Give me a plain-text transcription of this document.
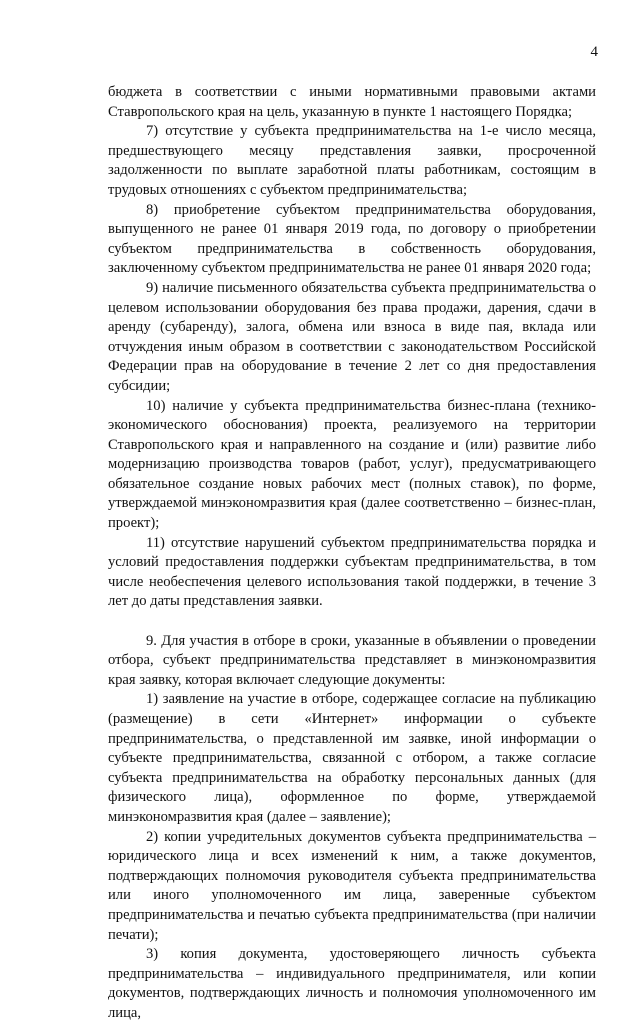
4

бюджета в соответствии с иными нормативными правовыми актами Ставропольского края на цель, указанную в пункте 1 настоящего Порядка;

7) отсутствие у субъекта предпринимательства на 1-е число месяца, предшествующего месяцу представления заявки, просроченной задолженности по выплате заработной платы работникам, состоящим в трудовых отношениях с субъектом предпринимательства;

8) приобретение субъектом предпринимательства оборудования, выпущенного не ранее 01 января 2019 года, по договору о приобретении субъектом предпринимательства в собственность оборудования, заключенному субъектом предпринимательства не ранее 01 января 2020 года;

9) наличие письменного обязательства субъекта предпринимательства о целевом использовании оборудования без права продажи, дарения, сдачи в аренду (субаренду), залога, обмена или взноса в виде пая, вклада или отчуждения иным образом в соответствии с законодательством Российской Федерации прав на оборудование в течение 2 лет со дня предоставления субсидии;

10) наличие у субъекта предпринимательства бизнес-плана (технико-экономического обоснования) проекта, реализуемого на территории Ставропольского края и направленного на создание и (или) развитие либо модернизацию производства товаров (работ, услуг), предусматривающего обязательное создание новых рабочих мест (полных ставок), по форме, утверждаемой минэкономразвития края (далее соответственно – бизнес-план, проект);

11) отсутствие нарушений субъектом предпринимательства порядка и условий предоставления поддержки субъектам предпринимательства, в том числе необеспечения целевого использования такой поддержки, в течение 3 лет до даты представления заявки.

9. Для участия в отборе в сроки, указанные в объявлении о проведении отбора, субъект предпринимательства представляет в минэкономразвития края заявку, которая включает следующие документы:

1) заявление на участие в отборе, содержащее согласие на публикацию (размещение) в сети «Интернет» информации о субъекте предпринимательства, о представленной им заявке, иной информации о субъекте предпринимательства, связанной с отбором, а также согласие субъекта предпринимательства на обработку персональных данных (для физического лица), оформленное по форме, утверждаемой минэкономразвития края (далее – заявление);

2) копии учредительных документов субъекта предпринимательства – юридического лица и всех изменений к ним, а также документов, подтверждающих полномочия руководителя субъекта предпринимательства или иного уполномоченного им лица, заверенные субъектом предпринимательства и печатью субъекта предпринимательства (при наличии печати);

3) копия документа, удостоверяющего личность субъекта предпринимательства – индивидуального предпринимателя, или копии документов, подтверждающих личность и полномочия уполномоченного им лица,
